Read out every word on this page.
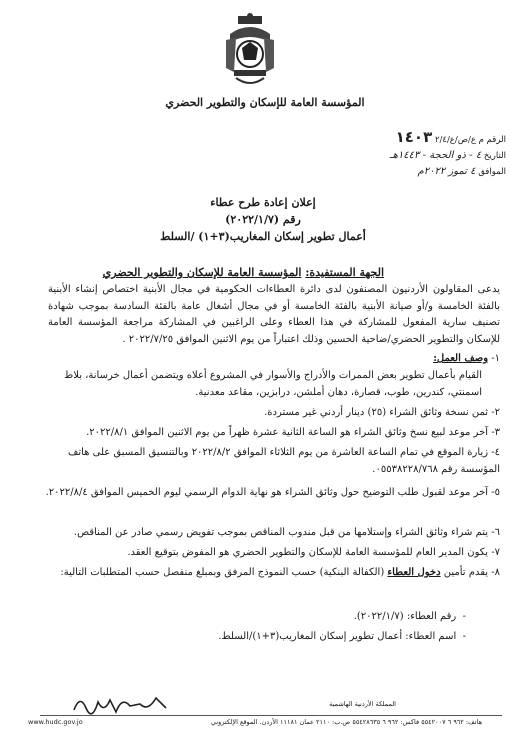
المؤسسة العامة للإسكان والتطوير الحضري
الرقم م ع/ص/ع/٢/٤ ١٤٠٣
التاريخ ٤ - ذو الحجة - ١٤٤٣هـ
الموافق ٤ تموز ٢٠٢٢م
إعلان إعادة طرح عطاء
رقم (٢٠٢٢/١/٧)
أعمال تطوير إسكان المغاريب(٣+١) /السلط
الجهة المستفيدة: المؤسسة العامة للإسكان والتطوير الحضري
يدعى المقاولون الأردنيون المصنفون لدى دائرة العطاءات الحكومية في مجال الأبنية اختصاص إنشاء الأبنية بالفئة الخامسة و/أو صيانة الأبنية بالفئة الخامسة أو في مجال أشغال عامة بالفئة السادسة بموجب شهادة تصنيف سارية المفعول للمشاركة في هذا العطاء وعلى الراغبين في المشاركة مراجعة المؤسسة العامة للإسكان والتطوير الحضري/ضاحية الحسين وذلك اعتباراً من يوم الاثنين الموافق ٢٠٢٢/٧/٢٥ .
١- وصف العمل:
القيام بأعمال تطوير بعض الممرات والأدراج والأسوار في المشروع أعلاه ويتضمن أعمال خرسانة، بلاط اسمنتي، كندرين، طوب، قصارة، دهان أملشن، درابزين، مقاعد معدنية.
٢- ثمن نسخة وثائق الشراء (٢٥) دينار أردني غير مستردة.
٣- آخر موعد لبيع نسخ وثائق الشراء هو الساعة الثانية عشرة ظهراً من يوم الاثنين الموافق ٢٠٢٢/٨/١.
٤- زيارة الموقع في تمام الساعة العاشرة من يوم الثلاثاء الموافق ٢٠٢٢/٨/٢ وبالتنسيق المسبق على هاتف المؤسسة رقم ٠٥٥٣٨٢٢٨/٧٦٨.
٥- آخر موعد لقبول طلب التوضيح حول وثائق الشراء هو نهاية الدوام الرسمي ليوم الخميس الموافق ٢٠٢٢/٨/٤.
٦- يتم شراء وثائق الشراء وإستلامها من قبل مندوب المناقص بموجب تفويض رسمي صادر عن المناقص.
٧- يكون المدير العام للمؤسسة العامة للإسكان والتطوير الحضري هو المفوض بتوقيع العقد.
٨- يقدم تأمين دخول العطاء (الكفالة البنكية) حسب النموذج المرفق وبمبلغ منفصل حسب المتطلبات التالية:
-  رقم العطاء: (٢٠٢٢/١/٧).
-  اسم العطاء: أعمال تطوير إسكان المغاريب(٣+١)/السلط.
المملكة الأردنية الهاشمية
هاتف: ٩٦٢ ٦ ٥٥٤٢٠٠٧ فاكس: ٩٦٢ ٦ ٥٥٤٢٨٦٣٥ ص.ب: ٢١١٠ عمان ١١١٨١ الأردن. الموقع الإلكتروني
www.hudc.gov.jo
